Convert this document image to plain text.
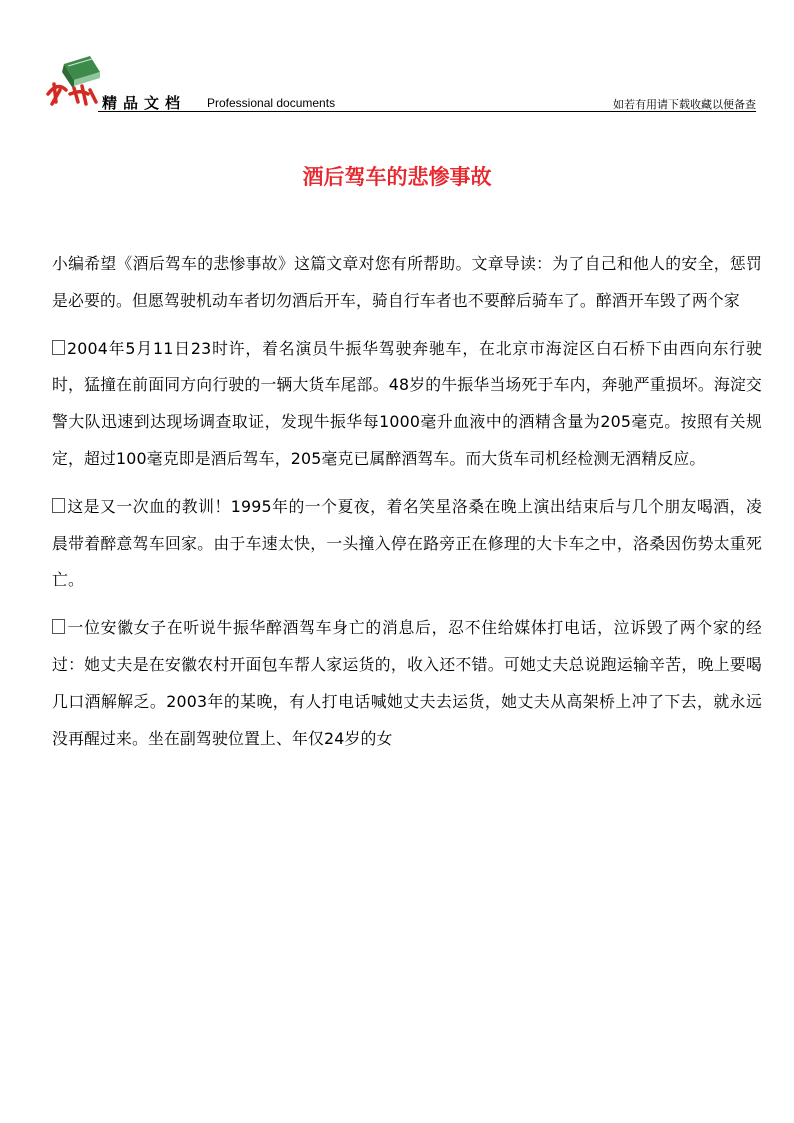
精品文档 Professional documents	如若有用请下载收藏以便备查
酒后驾车的悲惨事故

小编希望《酒后驾车的悲惨事故》这篇文章对您有所帮助。文章导读：为了自己和他人的安全，惩罚是必要的。但愿驾驶机动车者切勿酒后开车，骑自行车者也不要醉后骑车了。醉酒开车毁了两个家

2004年5月11日23时许，着名演员牛振华驾驶奔驰车，在北京市海淀区白石桥下由西向东行驶时，猛撞在前面同方向行驶的一辆大货车尾部。48岁的牛振华当场死于车内，奔驰严重损坏。海淀交警大队迅速到达现场调查取证，发现牛振华每1000毫升血液中的酒精含量为205毫克。按照有关规定，超过100毫克即是酒后驾车，205毫克已属醉酒驾车。而大货车司机经检测无酒精反应。

这是又一次血的教训！1995年的一个夏夜，着名笑星洛桑在晚上演出结束后与几个朋友喝酒，凌晨带着醉意驾车回家。由于车速太快，一头撞入停在路旁正在修理的大卡车之中，洛桑因伤势太重死亡。

一位安徽女子在听说牛振华醉酒驾车身亡的消息后，忍不住给媒体打电话，泣诉毁了两个家的经过：她丈夫是在安徽农村开面包车帮人家运货的，收入还不错。可她丈夫总说跑运输辛苦，晚上要喝几口酒解解乏。2003年的某晚，有人打电话喊她丈夫去运货，她丈夫从高架桥上冲了下去，就永远没再醒过来。坐在副驾驶位置上、年仅24岁的女
